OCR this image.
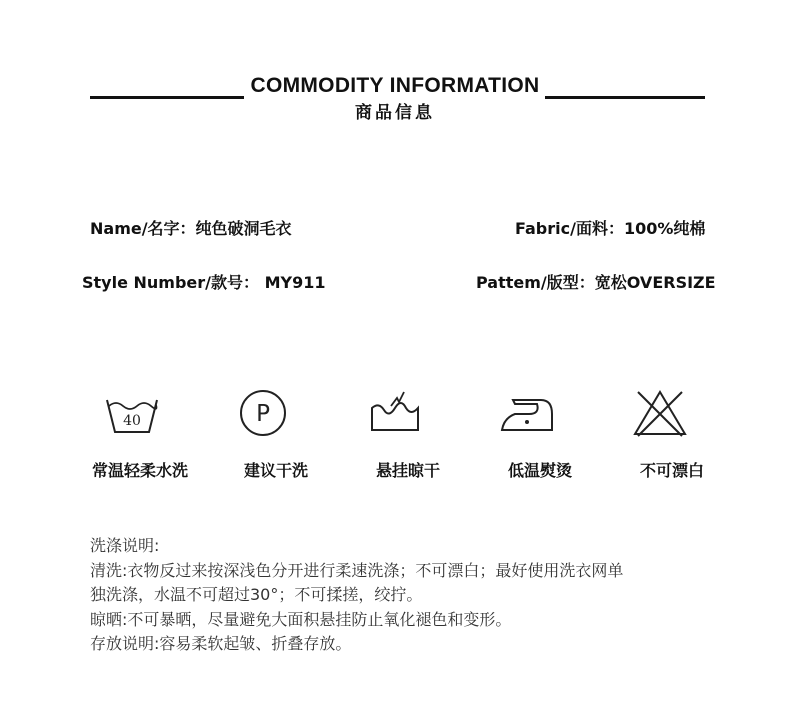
COMMODITY INFORMATION
商品信息
Name/名字：纯色破洞毛衣	Fabric/面料：100%纯棉
Style Number/款号： MY911	Pattem/版型：宽松OVERSIZE
40	P
常温轻柔水洗	建议干洗	悬挂晾干	低温熨烫	不可漂白
洗涤说明:
清洗:衣物反过来按深浅色分开进行柔速洗涤；不可漂白；最好使用洗衣网单
独洗涤，水温不可超过30°；不可揉搓，绞拧。
晾晒:不可暴晒，尽量避免大面积悬挂防止氧化褪色和变形。
存放说明:容易柔软起皱、折叠存放。
